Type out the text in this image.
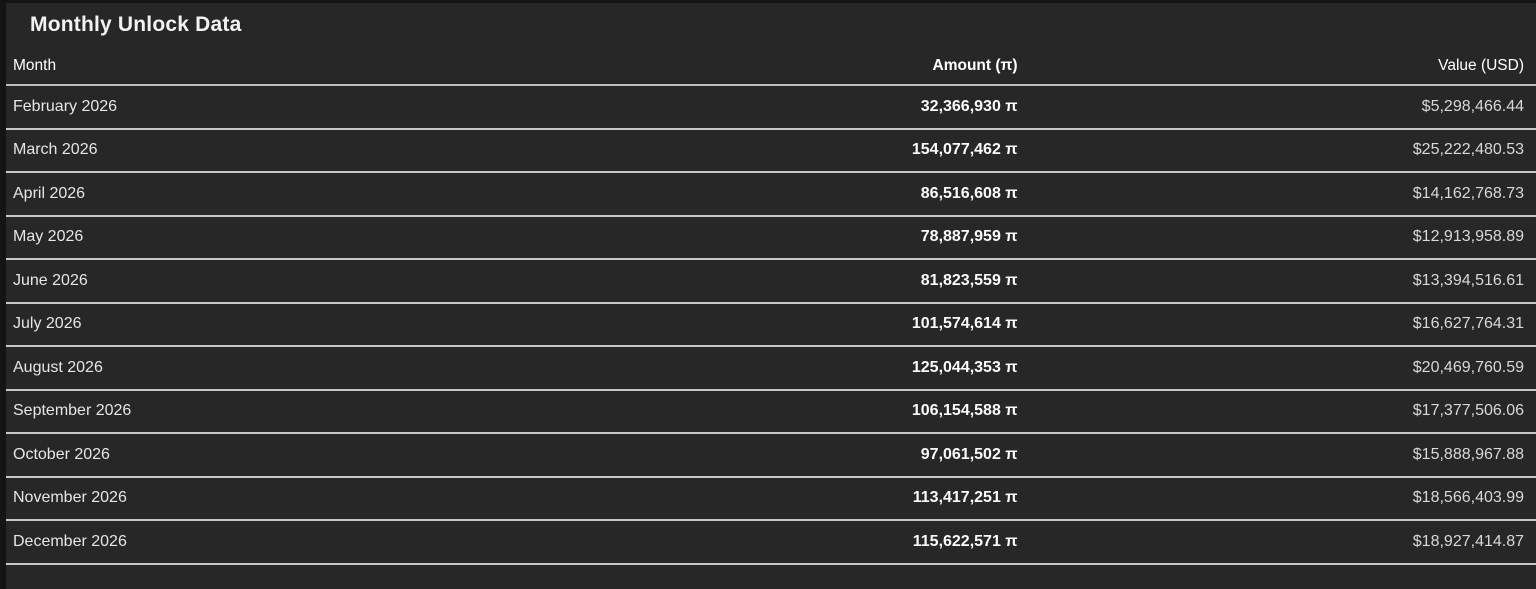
Monthly Unlock Data
Month	Amount (π)	Value (USD)
February 2026	32,366,930 π	$5,298,466.44
March 2026	154,077,462 π	$25,222,480.53
April 2026	86,516,608 π	$14,162,768.73
May 2026	78,887,959 π	$12,913,958.89
June 2026	81,823,559 π	$13,394,516.61
July 2026	101,574,614 π	$16,627,764.31
August 2026	125,044,353 π	$20,469,760.59
September 2026	106,154,588 π	$17,377,506.06
October 2026	97,061,502 π	$15,888,967.88
November 2026	113,417,251 π	$18,566,403.99
December 2026	115,622,571 π	$18,927,414.87
